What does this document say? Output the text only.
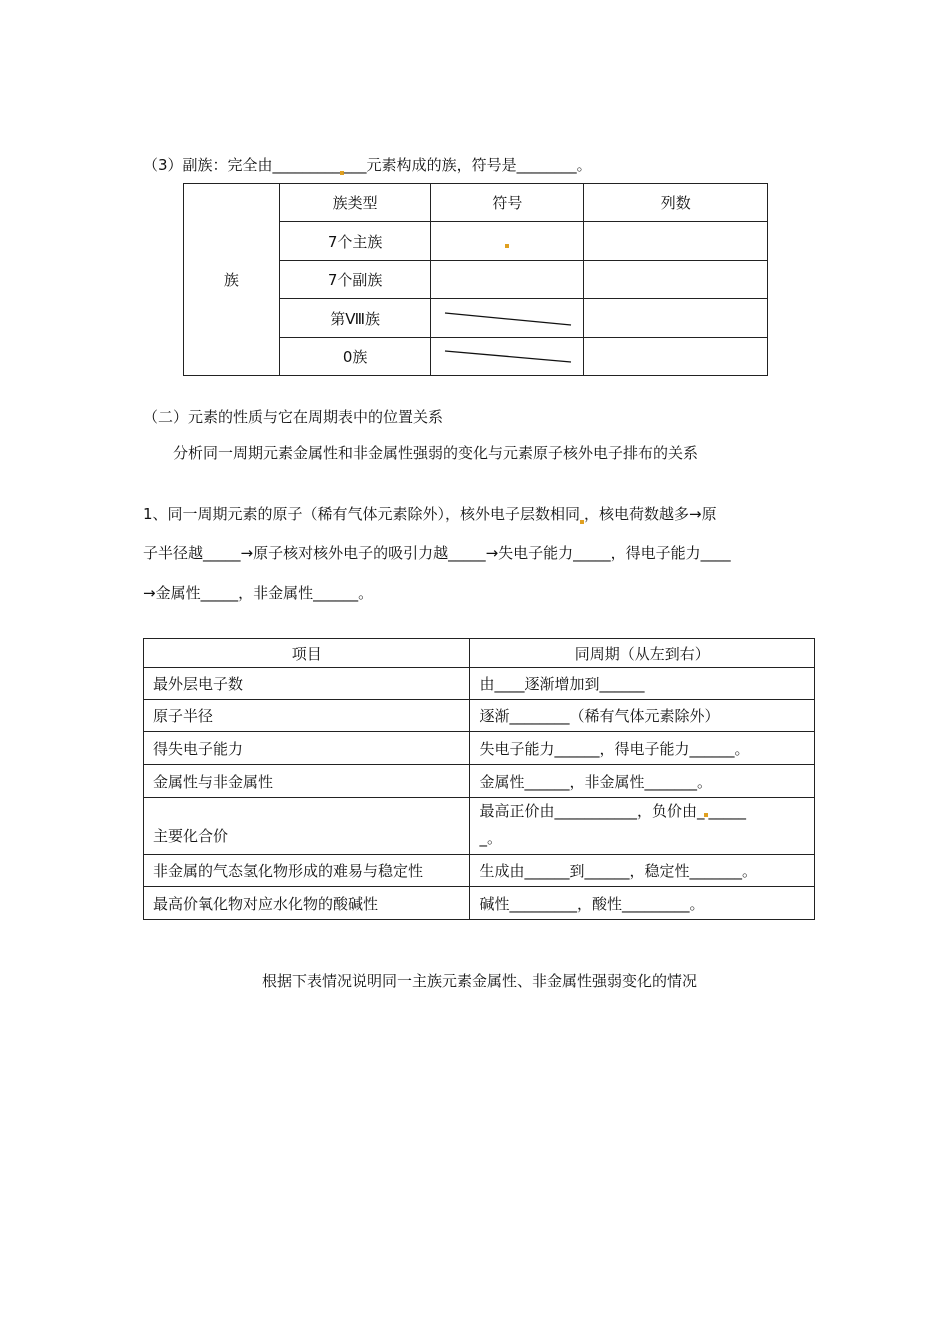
（3）副族：完全由_________ ___元素构成的族，符号是________。
族	族类型	符号	列数
	7个主族		
	7个副族		
	第Ⅷ族	

	0族	

（二）元素的性质与它在周期表中的位置关系
分析同一周期元素金属性和非金属性强弱的变化与元素原子核外电子排布的关系
1、同一周期元素的原子（稀有气体元素除外），核外电子层数相同 ，核电荷数越多→原
子半径越_____→原子核对核外电子的吸引力越_____→失电子能力_____，得电子能力____
→金属性_____，非金属性______。
项目	同周期（从左到右）
最外层电子数	由____逐渐增加到______
原子半径	逐渐________（稀有气体元素除外）
得失电子能力	失电子能力______，得电子能力______。
金属性与非金属性	金属性______，非金属性_______。
主要化合价	最高正价由___________，负价由_ _____
_。

非金属的气态氢化物形成的难易与稳定性	生成由______到______，稳定性_______。
最高价氧化物对应水化物的酸碱性	碱性_________，酸性_________。
根据下表情况说明同一主族元素金属性、非金属性强弱变化的情况
